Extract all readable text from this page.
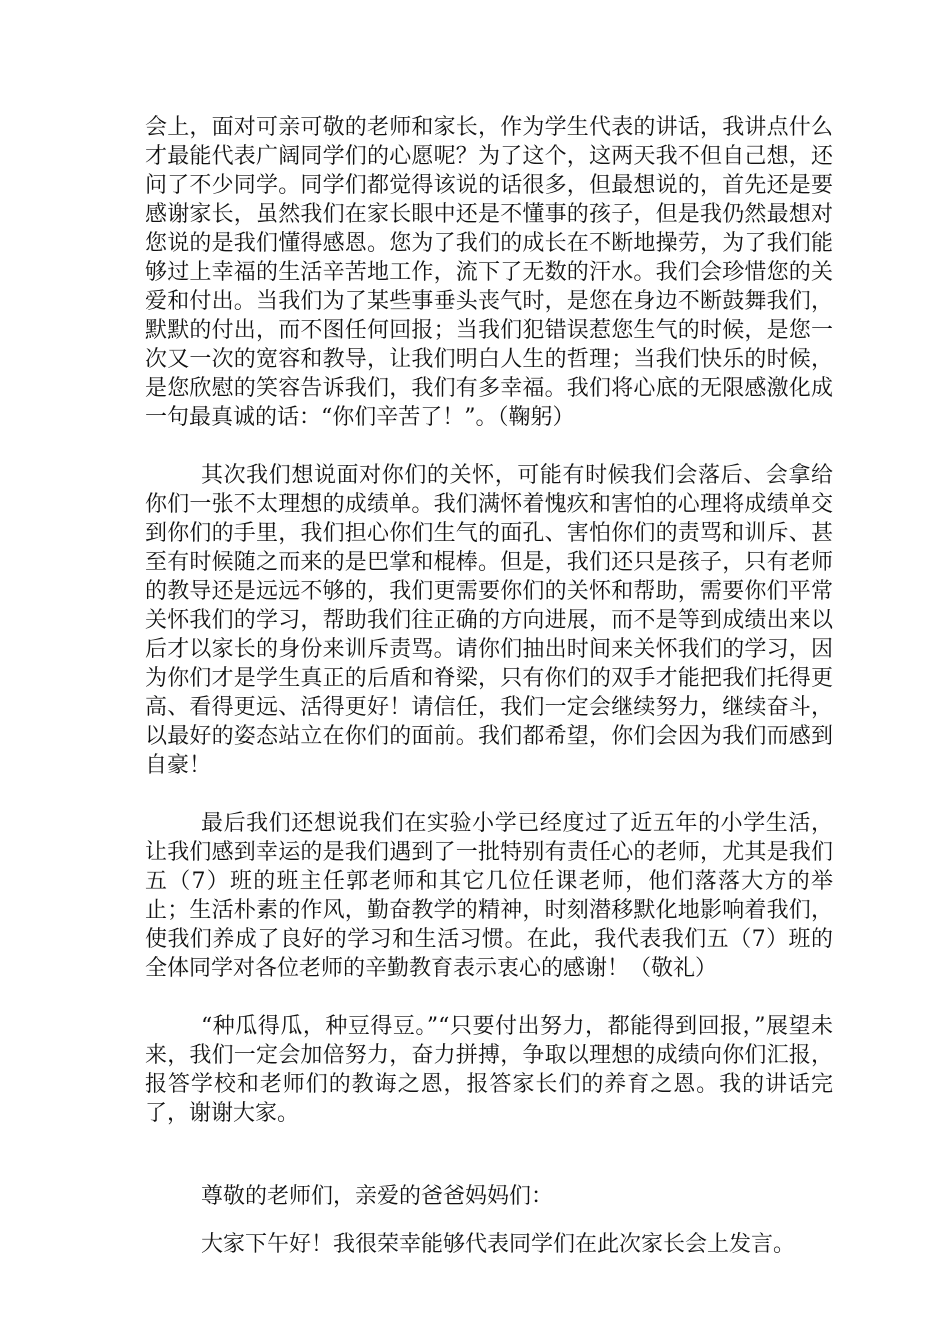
会上，面对可亲可敬的老师和家长，作为学生代表的讲话，我讲点什么才最能代表广阔同学们的心愿呢？为了这个，这两天我不但自己想，还问了不少同学。同学们都觉得该说的话很多，但最想说的，首先还是要感谢家长，虽然我们在家长眼中还是不懂事的孩子，但是我仍然最想对您说的是我们懂得感恩。您为了我们的成长在不断地操劳，为了我们能够过上幸福的生活辛苦地工作，流下了无数的汗水。我们会珍惜您的关爱和付出。当我们为了某些事垂头丧气时，是您在身边不断鼓舞我们，默默的付出，而不图任何回报；当我们犯错误惹您生气的时候，是您一次又一次的宽容和教导，让我们明白人生的哲理；当我们快乐的时候，是您欣慰的笑容告诉我们，我们有多幸福。我们将心底的无限感激化成一句最真诚的话：“你们辛苦了！”。（鞠躬）

其次我们想说面对你们的关怀，可能有时候我们会落后、会拿给你们一张不太理想的成绩单。我们满怀着愧疚和害怕的心理将成绩单交到你们的手里，我们担心你们生气的面孔、害怕你们的责骂和训斥、甚至有时候随之而来的是巴掌和棍棒。但是，我们还只是孩子，只有老师的教导还是远远不够的，我们更需要你们的关怀和帮助，需要你们平常关怀我们的学习，帮助我们往正确的方向进展，而不是等到成绩出来以后才以家长的身份来训斥责骂。请你们抽出时间来关怀我们的学习，因为你们才是学生真正的后盾和脊梁，只有你们的双手才能把我们托得更高、看得更远、活得更好！请信任，我们一定会继续努力，继续奋斗，以最好的姿态站立在你们的面前。我们都希望，你们会因为我们而感到自豪！

最后我们还想说我们在实验小学已经度过了近五年的小学生活，让我们感到幸运的是我们遇到了一批特别有责任心的老师，尤其是我们五（7）班的班主任郭老师和其它几位任课老师，他们落落大方的举止；生活朴素的作风，勤奋教学的精神，时刻潜移默化地影响着我们，使我们养成了良好的学习和生活习惯。在此，我代表我们五（7）班的全体同学对各位老师的辛勤教育表示衷心的感谢！（敬礼）

“种瓜得瓜，种豆得豆。”“只要付出努力，都能得到回报，”展望未来，我们一定会加倍努力，奋力拼搏，争取以理想的成绩向你们汇报，报答学校和老师们的教诲之恩，报答家长们的养育之恩。我的讲话完了，谢谢大家。

尊敬的老师们，亲爱的爸爸妈妈们：

大家下午好！我很荣幸能够代表同学们在此次家长会上发言。
